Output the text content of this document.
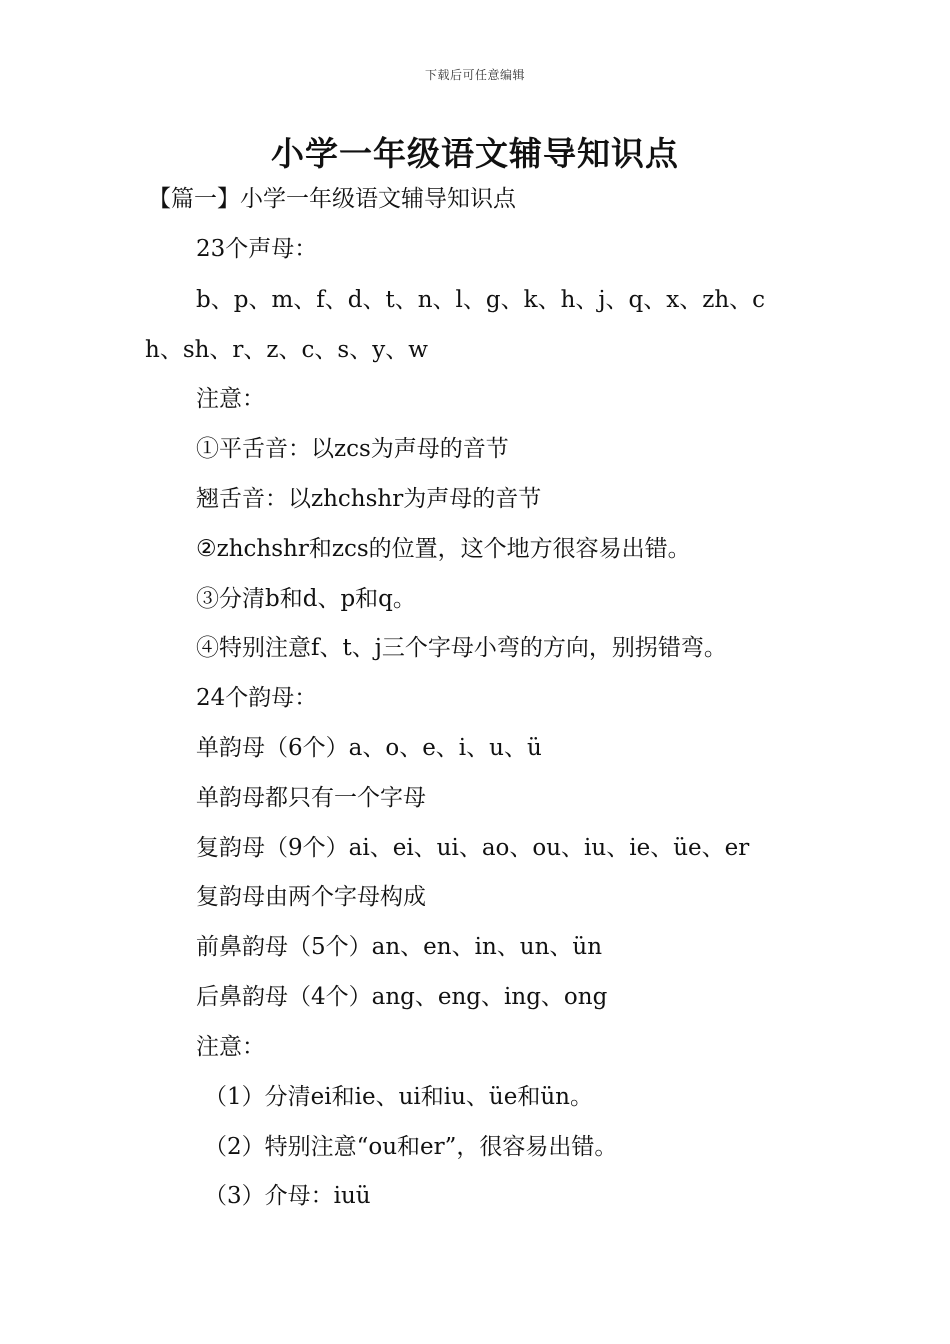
下载后可任意编辑
小学一年级语文辅导知识点
【篇一】小学一年级语文辅导知识点
23个声母：
b、p、m、f、d、t、n、l、g、k、h、j、q、x、zh、c
h、sh、r、z、c、s、y、w
注意：
①平舌音：以zcs为声母的音节
翘舌音：以zhchshr为声母的音节
②zhchshr和zcs的位置，这个地方很容易出错。
③分清b和d、p和q。
④特别注意f、t、j三个字母小弯的方向，别拐错弯。
24个韵母：
单韵母（6个）a、o、e、i、u、ü
单韵母都只有一个字母
复韵母（9个）ai、ei、ui、ao、ou、iu、ie、üe、er
复韵母由两个字母构成
前鼻韵母（5个）an、en、in、un、ün
后鼻韵母（4个）ang、eng、ing、ong
注意：
（1）分清ei和ie、ui和iu、üe和ün。
（2）特别注意“ou和er”，很容易出错。
（3）介母：iuü
